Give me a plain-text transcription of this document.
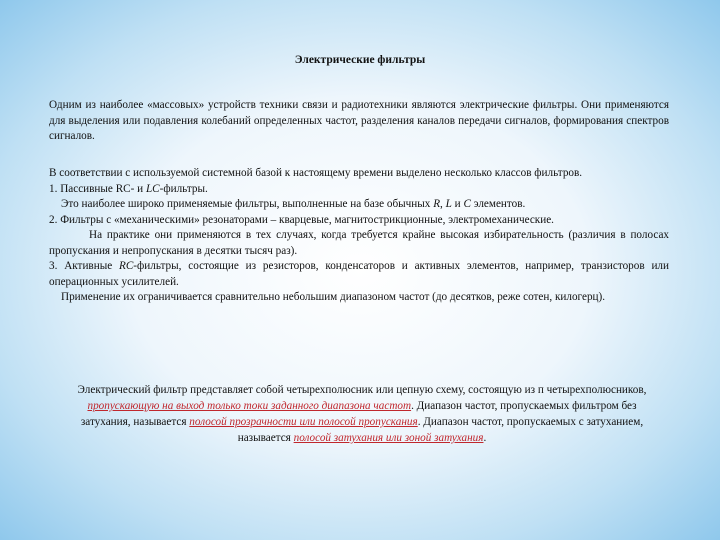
Электрические фильтры
Одним из наиболее «массовых» устройств техники связи и радиотехники являются электрические фильтры. Они применяются для выделения или подавления колебаний определенных частот, разделения каналов передачи сигналов, формирования спектров сигналов.
В соответствии с используемой системной базой к настоящему времени выделено несколько классов фильтров.
1. Пассивные RC- и LC-фильтры.
Это наиболее широко применяемые фильтры, выполненные на базе обычных R, L и C элементов.
2. Фильтры с «механическими» резонаторами – кварцевые, магнитострикционные, электромеханические.
На практике они применяются в тех случаях, когда требуется крайне высокая избирательность (различия в полосах пропускания и непропускания в десятки тысяч раз).
3. Активные RC-фильтры, состоящие из резисторов, конденсаторов и активных элементов, например, транзисторов или операционных усилителей.
Применение их ограничивается сравнительно небольшим диапазоном частот (до десятков, реже сотен, килогерц).
Электрический фильтр представляет собой четырехполюсник или цепную схему, состоящую из п четырехполюсников, пропускающую на выход только токи заданного диапазона частот. Диапазон частот, пропускаемых фильтром без затухания, называется полосой прозрачности или полосой пропускания. Диапазон частот, пропускаемых с затуханием, называется полосой затухания или зоной затухания.
